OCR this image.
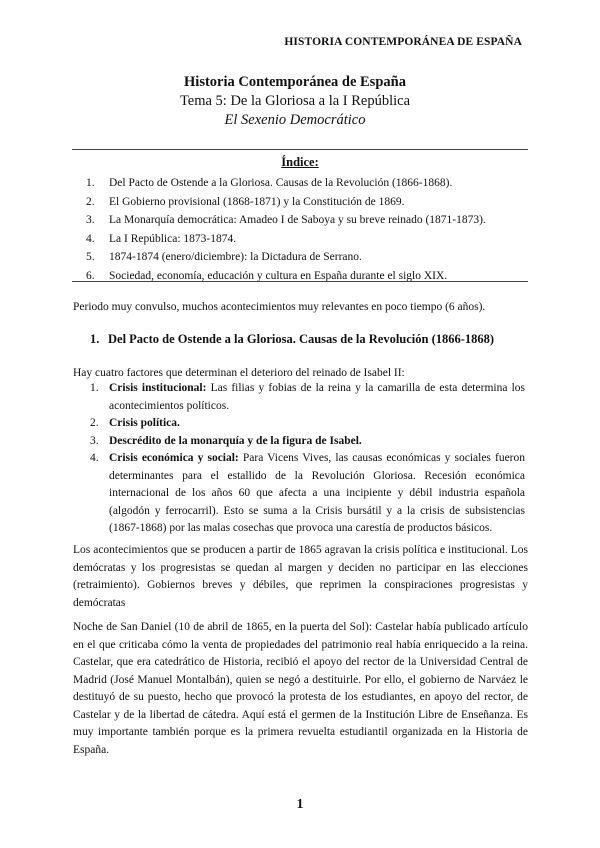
HISTORIA CONTEMPORÁNEA DE ESPAÑA
Historia Contemporánea de España
Tema 5: De la Gloriosa a la I República
El Sexenio Democrático
Índice:
1. Del Pacto de Ostende a la Gloriosa. Causas de la Revolución (1866-1868).
2. El Gobierno provisional (1868-1871) y la Constitución de 1869.
3. La Monarquía democrática: Amadeo I de Saboya y su breve reinado (1871-1873).
4. La I República: 1873-1874.
5. 1874-1874 (enero/diciembre): la Dictadura de Serrano.
6. Sociedad, economía, educación y cultura en España durante el siglo XIX.
Periodo muy convulso, muchos acontecimientos muy relevantes en poco tiempo (6 años).
1. Del Pacto de Ostende a la Gloriosa. Causas de la Revolución (1866-1868)
Hay cuatro factores que determinan el deterioro del reinado de Isabel II:
1. Crisis institucional: Las filias y fobias de la reina y la camarilla de esta determina los acontecimientos políticos.
2. Crisis política.
3. Descrédito de la monarquía y de la figura de Isabel.
4. Crisis económica y social: Para Vicens Vives, las causas económicas y sociales fueron determinantes para el estallido de la Revolución Gloriosa. Recesión económica internacional de los años 60 que afecta a una incipiente y débil industria española (algodón y ferrocarril). Esto se suma a la Crisis bursátil y a la crisis de subsistencias (1867-1868) por las malas cosechas que provoca una carestía de productos básicos.
Los acontecimientos que se producen a partir de 1865 agravan la crisis política e institucional. Los demócratas y los progresistas se quedan al margen y deciden no participar en las elecciones (retraimiento). Gobiernos breves y débiles, que reprimen la conspiraciones progresistas y demócratas
Noche de San Daniel (10 de abril de 1865, en la puerta del Sol): Castelar había publicado artículo en el que criticaba cómo la venta de propiedades del patrimonio real había enriquecido a la reina. Castelar, que era catedrático de Historia, recibió el apoyo del rector de la Universidad Central de Madrid (José Manuel Montalbán), quien se negó a destituirle. Por ello, el gobierno de Narváez le destituyó de su puesto, hecho que provocó la protesta de los estudiantes, en apoyo del rector, de Castelar y de la libertad de cátedra. Aquí está el germen de la Institución Libre de Enseñanza. Es muy importante también porque es la primera revuelta estudiantil organizada en la Historia de España.
1
